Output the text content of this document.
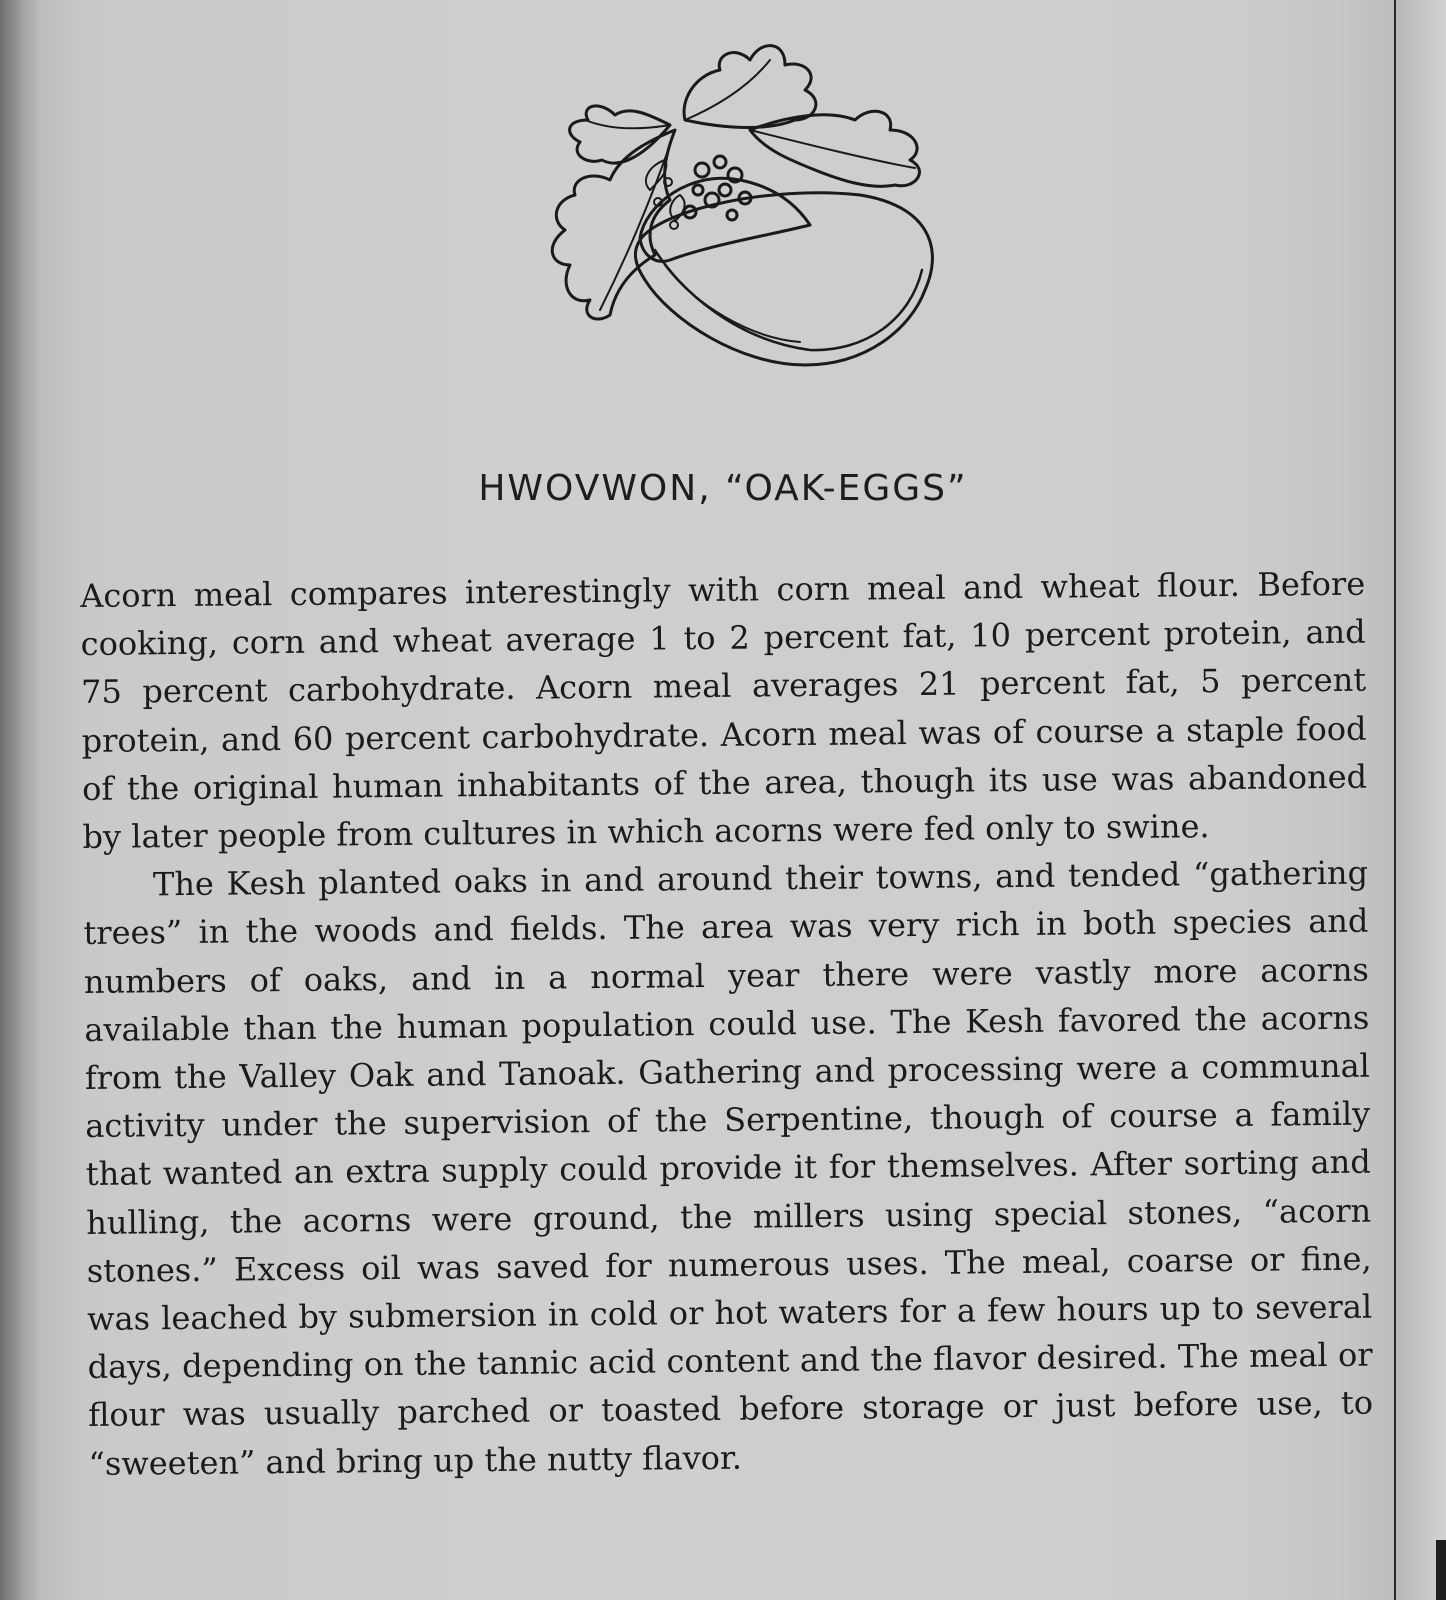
HWOVWON, “OAK-EGGS”

Acorn meal compares interestingly with corn meal and wheat flour. Before cooking, corn and wheat average 1 to 2 percent fat, 10 percent protein, and 75 percent carbohydrate. Acorn meal averages 21 percent fat, 5 percent protein, and 60 percent carbohydrate. Acorn meal was of course a staple food of the original human inhabitants of the area, though its use was abandoned by later people from cultures in which acorns were fed only to swine.

The Kesh planted oaks in and around their towns, and tended “gathering trees” in the woods and fields. The area was very rich in both species and numbers of oaks, and in a normal year there were vastly more acorns available than the human population could use. The Kesh favored the acorns from the Valley Oak and Tanoak. Gathering and processing were a communal activity under the supervision of the Serpentine, though of course a family that wanted an extra supply could provide it for themselves. After sorting and hulling, the acorns were ground, the millers using special stones, “acorn stones.” Excess oil was saved for numerous uses. The meal, coarse or fine, was leached by submersion in cold or hot waters for a few hours up to several days, depending on the tannic acid content and the flavor desired. The meal or flour was usually parched or toasted before storage or just before use, to “sweeten” and bring up the nutty flavor.
